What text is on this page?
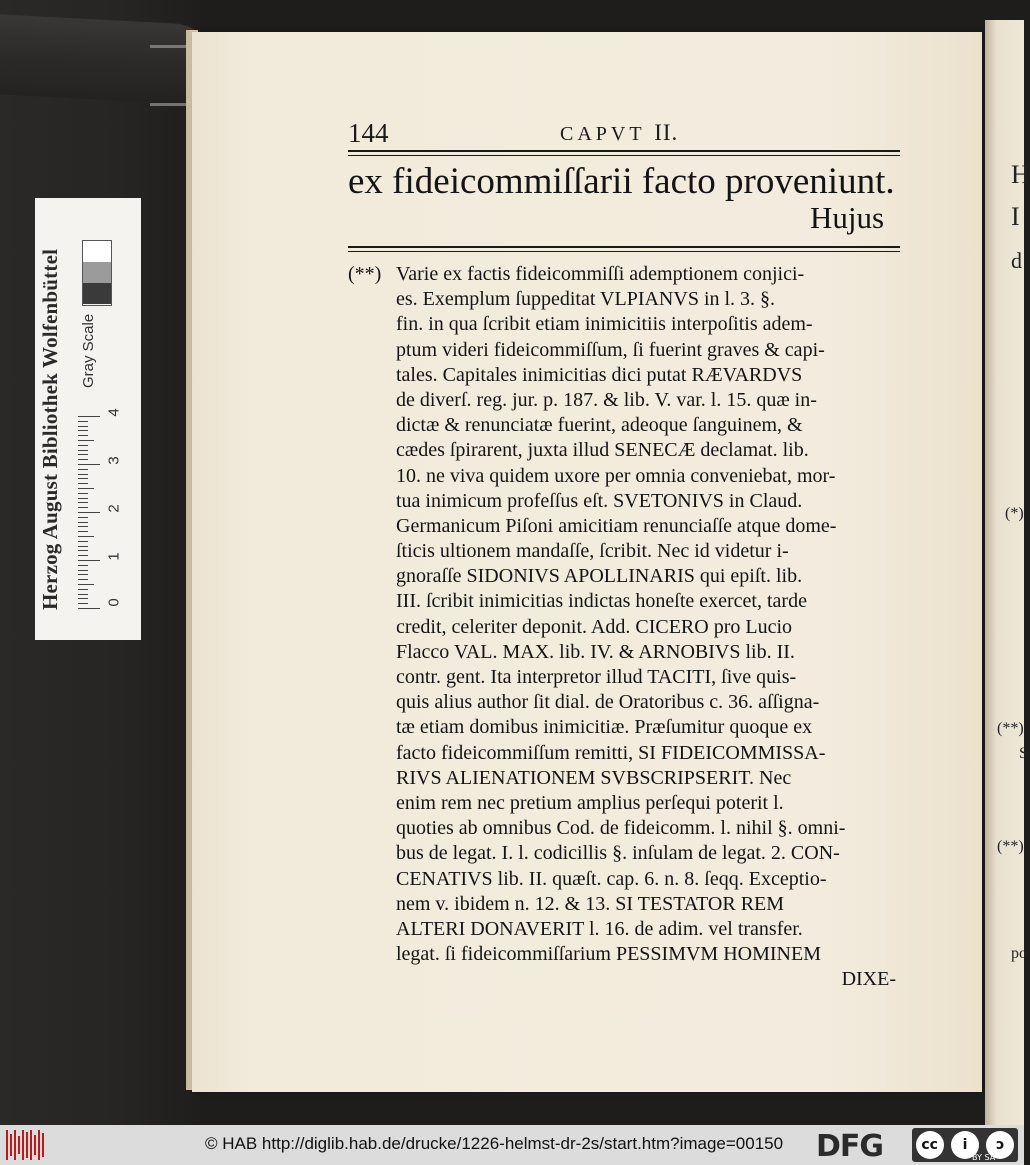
Herzog August Bibliothek Wolfenbüttel	Gray Scale
0
1
2
3
4
H
I
d
(*)
(**)
S
(**)
po
144	CAPVT II.
ex fideicommiſſarii facto proveniunt.
Hujus
(**) Varie ex factis fideicommiſſi ademptionem conjici-
es. Exemplum ſuppeditat VLPIANVS in l. 3. §.
fin. in qua ſcribit etiam inimicitiis interpoſitis adem-
ptum videri fideicommiſſum, ſi fuerint graves & capi-
tales. Capitales inimicitias dici putat RÆVARDVS
de diverſ. reg. jur. p. 187. & lib. V. var. l. 15. quæ in-
dictæ & renunciatæ fuerint, adeoque ſanguinem, &
cædes ſpirarent, juxta illud SENECÆ declamat. lib.
10. ne viva quidem uxore per omnia conveniebat, mor-
tua inimicum profeſſus eſt. SVETONIVS in Claud.
Germanicum Piſoni amicitiam renunciaſſe atque dome-
ſticis ultionem mandaſſe, ſcribit. Nec id videtur i-
gnoraſſe SIDONIVS APOLLINARIS qui epiſt. lib.
III. ſcribit inimicitias indictas honeſte exercet, tarde
credit, celeriter deponit. Add. CICERO pro Lucio
Flacco VAL. MAX. lib. IV. & ARNOBIVS lib. II.
contr. gent. Ita interpretor illud TACITI, ſive quis-
quis alius author ſit dial. de Oratoribus c. 36. aſſigna-
tæ etiam domibus inimicitiæ. Præſumitur quoque ex
facto fideicommiſſum remitti, SI FIDEICOMMISSA-
RIVS ALIENATIONEM SVBSCRIPSERIT. Nec
enim rem nec pretium amplius perſequi poterit l.
quoties ab omnibus Cod. de fideicomm. l. nihil §. omni-
bus de legat. I. l. codicillis §. inſulam de legat. 2. CON-
CENATIVS lib. II. quæſt. cap. 6. n. 8. ſeqq. Exceptio-
nem v. ibidem n. 12. & 13. SI TESTATOR REM
ALTERI DONAVERIT l. 16. de adim. vel transfer.
legat. ſi fideicommiſſarium PESSIMVM HOMINEM
DIXE-
© HAB http://diglib.hab.de/drucke/1226-helmst-dr-2s/start.htm?image=00150 DFG	cc	i	ↄ
BY SA
